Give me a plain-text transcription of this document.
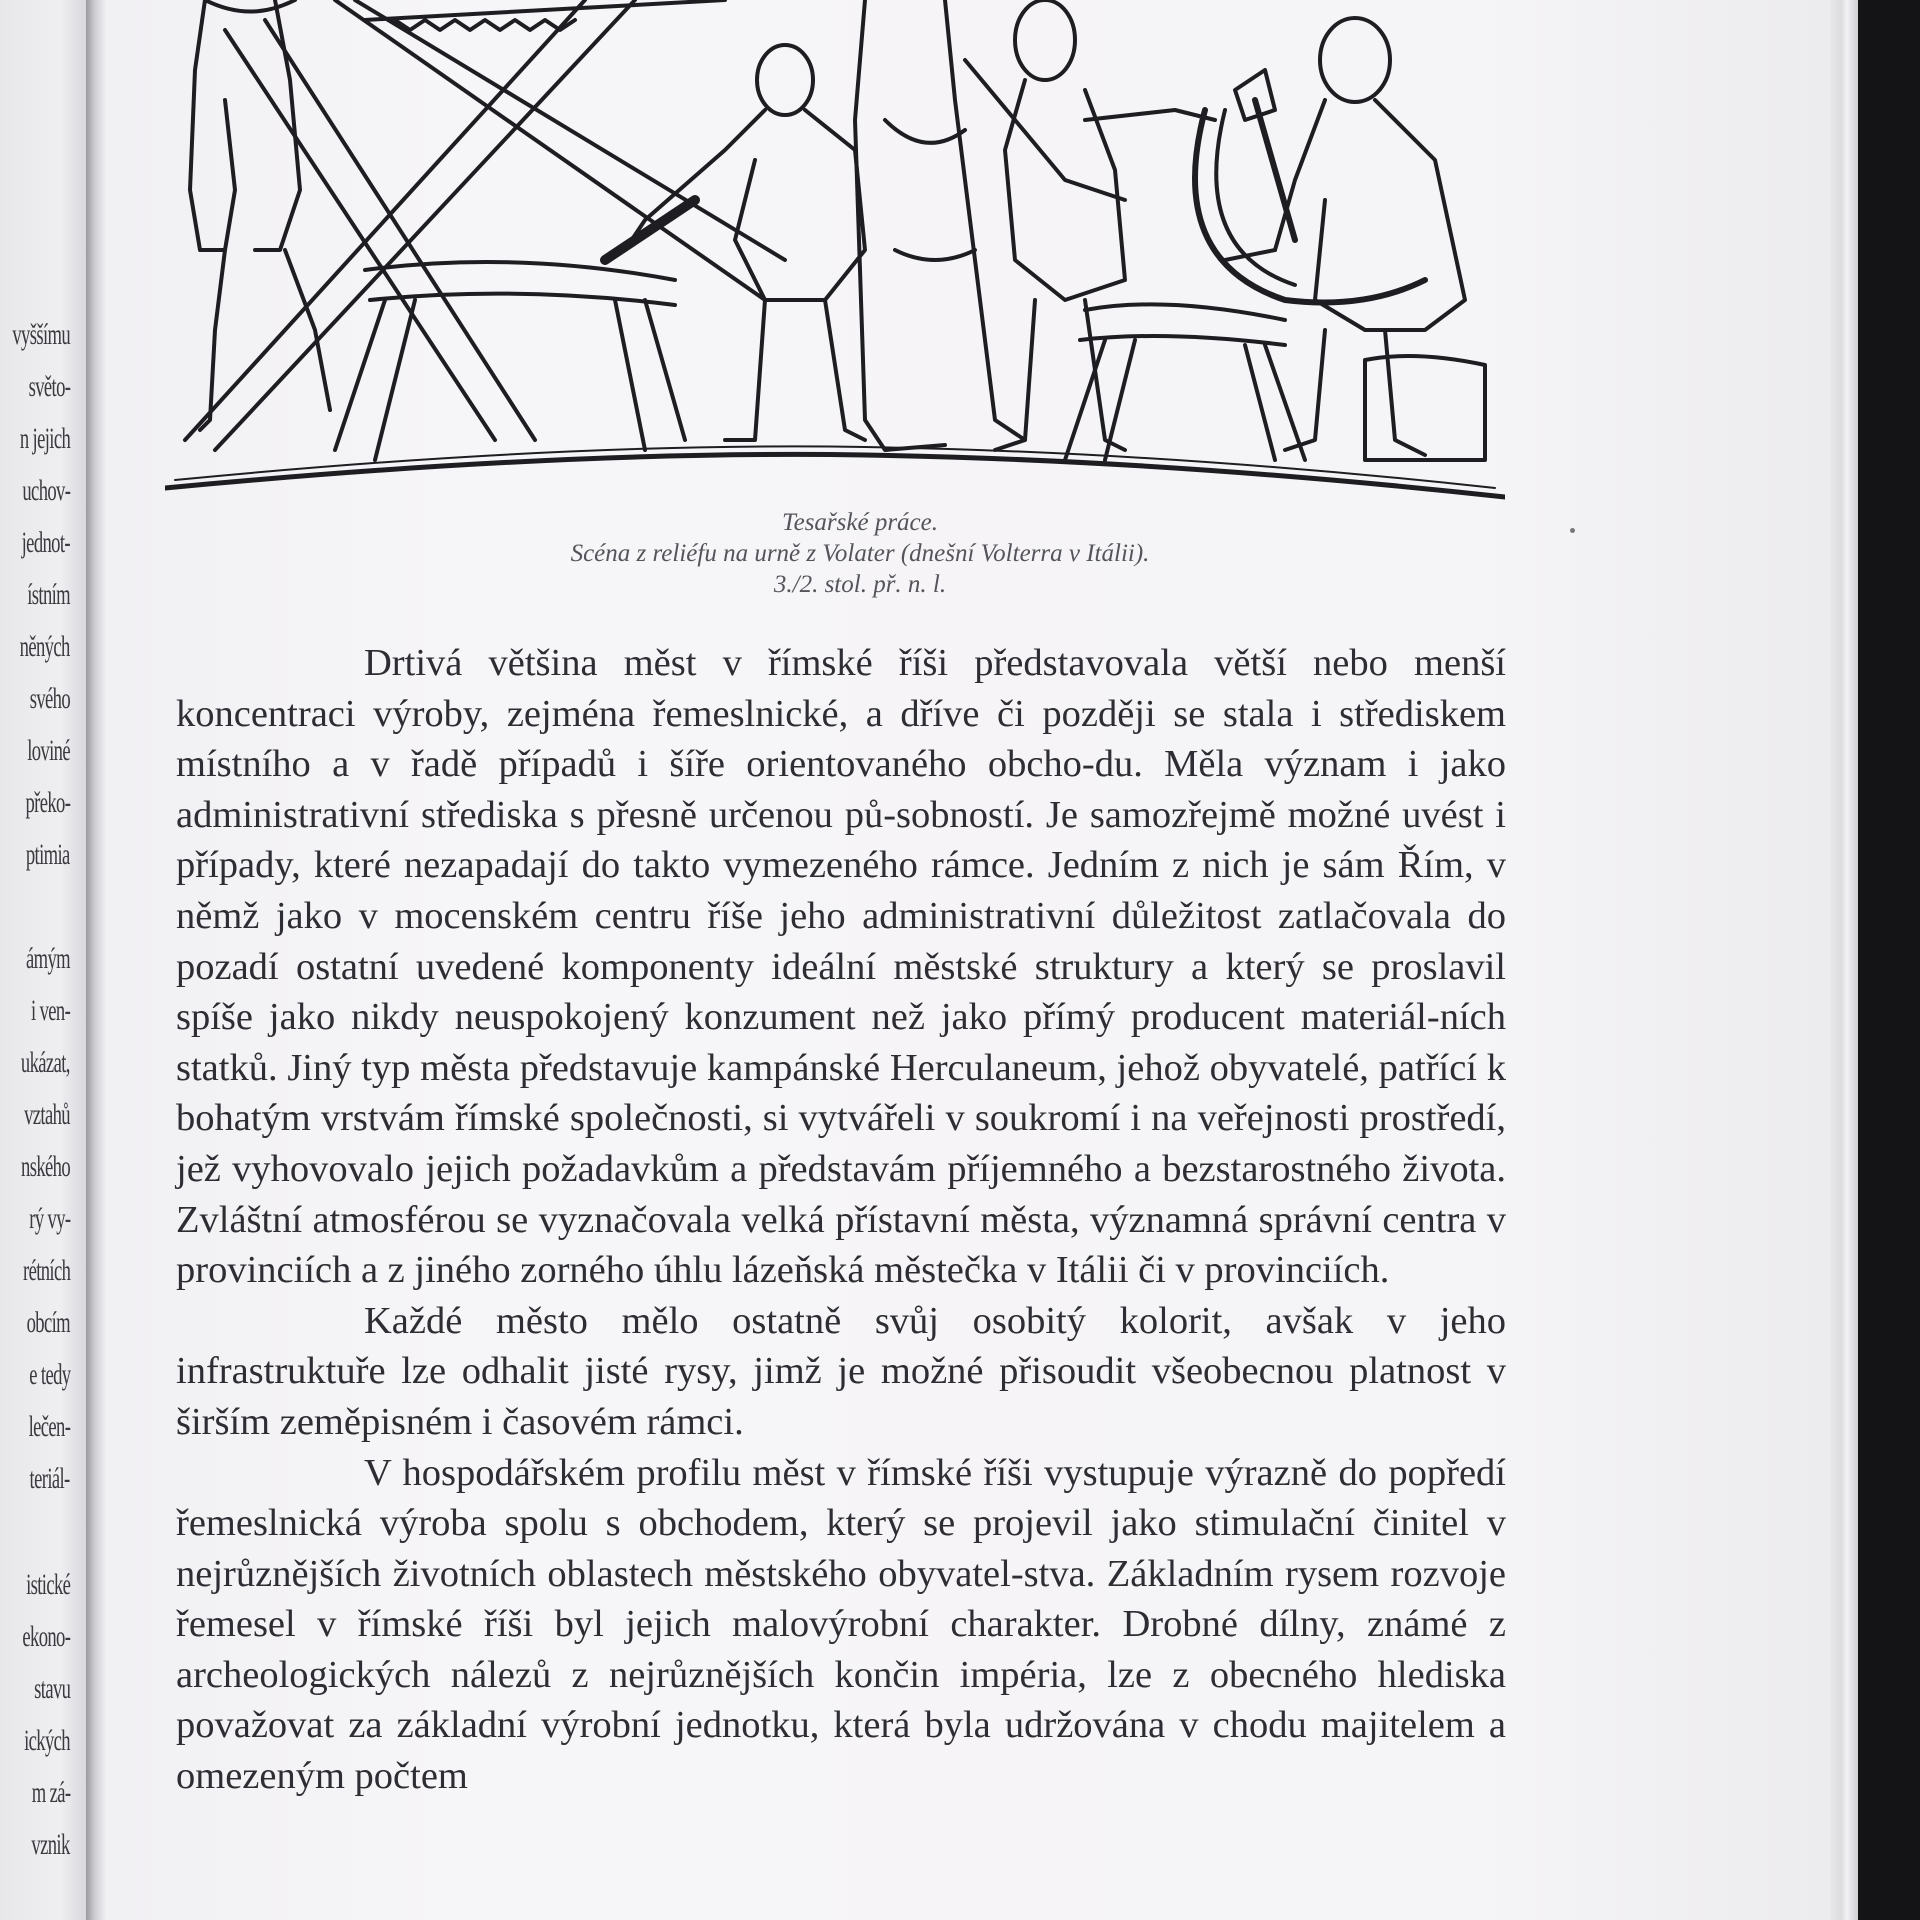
vyššímu
světo-
n jejich
uchov-
jednot-
ístním
něných
svého
loviné
překo-
ptimia
ámým
i ven-
ukázat,
vztahů
nského
rý vy-
rétních
obcím
e tedy
lečen-
teriál-
istické
ekono-
stavu
ických
m zá-
vznik
Tesařské práce.
Scéna z reliéfu na urně z Volater (dnešní Volterra v Itálii).
3./2. stol. př. n. l.

Drtivá většina měst v římské říši představovala větší nebo menší koncentraci výroby, zejména řemeslnické, a dříve či později se stala i střediskem místního a v řadě případů i šíře orientovaného obcho-du. Měla význam i jako administrativní střediska s přesně určenou pů-sobností. Je samozřejmě možné uvést i případy, které nezapadají do takto vymezeného rámce. Jedním z nich je sám Řím, v němž jako v mocenském centru říše jeho administrativní důležitost zatlačovala do pozadí ostatní uvedené komponenty ideální městské struktury a který se proslavil spíše jako nikdy neuspokojený konzument než jako přímý producent materiál-ních statků. Jiný typ města představuje kampánské Herculaneum, jehož obyvatelé, patřící k bohatým vrstvám římské společnosti, si vytvářeli v soukromí i na veřejnosti prostředí, jež vyhovovalo jejich požadavkům a představám příjemného a bezstarostného života. Zvláštní atmosférou se vyznačovala velká přístavní města, významná správní centra v provinciích a z jiného zorného úhlu lázeňská městečka v Itálii či v provinciích.

Každé město mělo ostatně svůj osobitý kolorit, avšak v jeho infrastruktuře lze odhalit jisté rysy, jimž je možné přisoudit všeobecnou platnost v širším zeměpisném i časovém rámci.

V hospodářském profilu měst v římské říši vystupuje výrazně do popředí řemeslnická výroba spolu s obchodem, který se projevil jako stimulační činitel v nejrůznějších životních oblastech městského obyvatel-stva. Základním rysem rozvoje řemesel v římské říši byl jejich malovýrobní charakter. Drobné dílny, známé z archeologických nálezů z nejrůznějších končin impéria, lze z obecného hlediska považovat za základní výrobní jednotku, která byla udržována v chodu majitelem a omezeným počtem
